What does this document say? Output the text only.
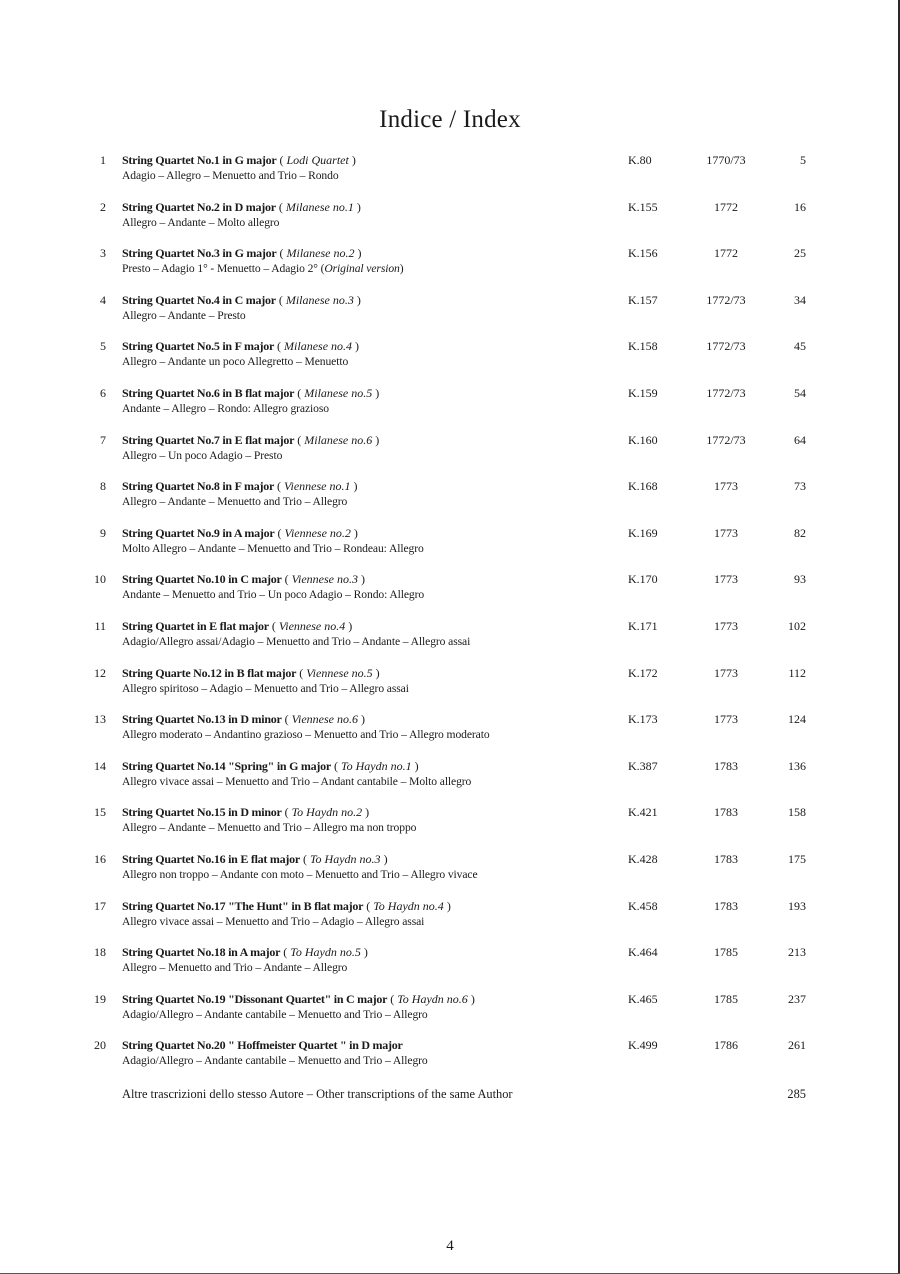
Indice / Index
1 String Quartet No.1 in G major ( Lodi Quartet )
Adagio – Allegro – Menuetto and Trio – Rondo
K.80	1770/73	5
2 String Quartet No.2 in D major ( Milanese no.1 )
Allegro – Andante – Molto allegro
K.155	1772	16
3 String Quartet No.3 in G major ( Milanese no.2 )
Presto – Adagio 1° - Menuetto – Adagio 2° (Original version)
K.156	1772	25
4 String Quartet No.4 in C major ( Milanese no.3 )
Allegro – Andante – Presto
K.157	1772/73	34
5 String Quartet No.5 in F major ( Milanese no.4 )
Allegro – Andante un poco Allegretto – Menuetto
K.158	1772/73	45
6 String Quartet No.6 in B flat major ( Milanese no.5 )
Andante – Allegro – Rondo: Allegro grazioso
K.159	1772/73	54
7 String Quartet No.7 in E flat major ( Milanese no.6 )
Allegro – Un poco Adagio – Presto
K.160	1772/73	64
8 String Quartet No.8 in F major ( Viennese no.1 )
Allegro – Andante – Menuetto and Trio – Allegro
K.168	1773	73
9 String Quartet No.9 in A major ( Viennese no.2 )
Molto Allegro – Andante – Menuetto and Trio – Rondeau: Allegro
K.169	1773	82
10 String Quartet No.10 in C major ( Viennese no.3 )
Andante – Menuetto and Trio – Un poco Adagio – Rondo: Allegro
K.170	1773	93
11 String Quartet in E flat major ( Viennese no.4 )
Adagio/Allegro assai/Adagio – Menuetto and Trio – Andante – Allegro assai
K.171	1773	102
12 String Quarte No.12 in B flat major ( Viennese no.5 )
Allegro spiritoso – Adagio – Menuetto and Trio – Allegro assai
K.172	1773	112
13 String Quartet No.13 in D minor ( Viennese no.6 )
Allegro moderato – Andantino grazioso – Menuetto and Trio – Allegro moderato
K.173	1773	124
14 String Quartet No.14 "Spring" in G major ( To Haydn no.1 )
Allegro vivace assai – Menuetto and Trio – Andant cantabile – Molto allegro
K.387	1783	136
15 String Quartet No.15 in D minor ( To Haydn no.2 )
Allegro – Andante – Menuetto and Trio – Allegro ma non troppo
K.421	1783	158
16 String Quartet No.16 in E flat major ( To Haydn no.3 )
Allegro non troppo – Andante con moto – Menuetto and Trio – Allegro vivace
K.428	1783	175
17 String Quartet No.17 "The Hunt" in B flat major ( To Haydn no.4 )
Allegro vivace assai – Menuetto and Trio – Adagio – Allegro assai
K.458	1783	193
18 String Quartet No.18 in A major ( To Haydn no.5 )
Allegro – Menuetto and Trio – Andante – Allegro
K.464	1785	213
19 String Quartet No.19 "Dissonant Quartet" in C major ( To Haydn no.6 )
Adagio/Allegro – Andante cantabile – Menuetto and Trio – Allegro
K.465	1785	237
20 String Quartet No.20 " Hoffmeister Quartet " in D major
Adagio/Allegro – Andante cantabile – Menuetto and Trio – Allegro
K.499	1786	261
Altre trascrizioni dello stesso Autore – Other transcriptions of the same Author	285
4
